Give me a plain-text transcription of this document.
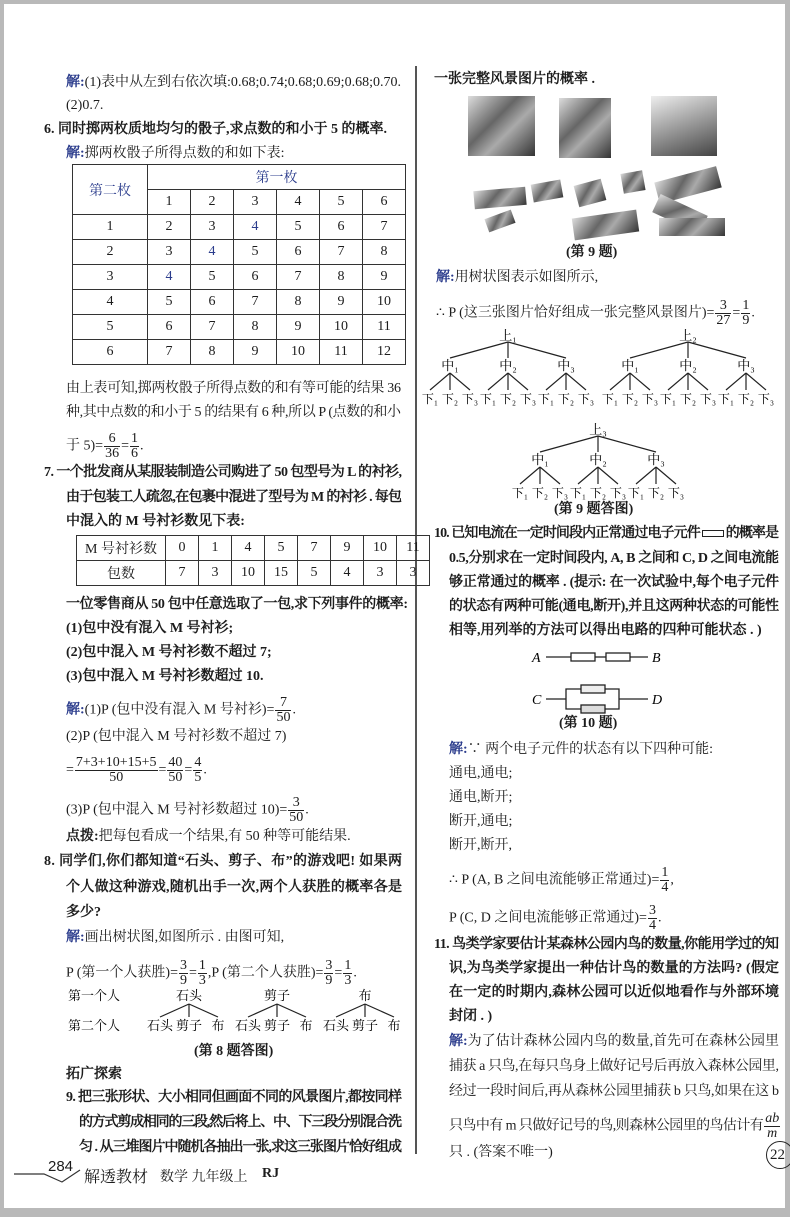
解:(1)表中从左到右依次填:0.68;0.74;0.68;0.69;0.68;0.70.
(2)0.7.
6. 同时掷两枚质地均匀的骰子,求点数的和小于 5 的概率.
解:掷两枚骰子所得点数的和如下表:
第二枚	第一枚					
	1	2	3	4	5	6
1	2	3	4	5	6	7
2	3	4	5	6	7	8
3	4	5	6	7	8	9
4	5	6	7	8	9	10
5	6	7	8	9	10	11
6	7	8	9	10	11	12
由上表可知,掷两枚骰子所得点数的和有等可能的结果 36
种,其中点数的和小于 5 的结果有 6 种,所以 P (点数的和小
于 $5)= \frac{6}{36} = \frac{1}{6}$ .
7. 一个批发商从某服装制造公司购进了 50 包型号为 L 的衬衫,
由于包装工人疏忽,在包裹中混进了型号为 M 的衬衫 . 每包
中混入的 M 号衬衫数见下表:
M 号衬衫数	0	1	4	5	7	9	10	11
包数	7	3	10	15	5	4	3	3
一位零售商从 50 包中任意选取了一包,求下列事件的概率:
(1)包中没有混入 M 号衬衫;
(2)包中混入 M 号衬衫数不超过 7;
(3)包中混入 M 号衬衫数超过 10.
解:(1)P (包中没有混入 M 号衬衫)= $\frac{7}{50}$ .
(2)P (包中混入 M 号衬衫数不超过 7)
= $\frac{7+3+10+15+5}{50} = \frac{40}{50} = \frac{4}{5}$ .
(3)P (包中混入 M 号衬衫数超过 $10)= \frac{3}{50}$ .
点拨:把每包看成一个结果,有 50 种等可能结果.
8. 同学们,你们都知道“石头、剪子、布”的游戏吧! 如果两
个人做这种游戏,随机出手一次,两个人获胜的概率各是
多少?
解:画出树状图,如图所示 . 由图可知,
P (第一个人获胜)= $\frac{3}{9} = \frac{1}{3} ,P$ (第二个人获胜)= $\frac{3}{9} = \frac{1}{3}$ .
第一个人
第二个人
石头
石头 剪子 布
剪子
石头 剪子 布
布
石头 剪子 布
(第 8 题答图)
拓广探索
9. 把三张形状、大小相同但画面不同的风景图片,都按同样
的方式剪成相同的三段,然后将上、中、下三段分别混合洗
匀 . 从三堆图片中随机各抽出一张,求这三张图片恰好组成
一张完整风景图片的概率 .
(第 9 题)
解:用树状图表示如图所示,
∴ P (这三张图片恰好组成一张完整风景图片)= $\frac{3}{27} = \frac{1}{9}$ .
上₁
中₁
下₁ 下₂ 下₃
中₂
下₁ 下₂ 下₃
中₃
下₁ 下₂ 下₃
上₂
中₁
下₁ 下₂ 下₃
中₂
下₁ 下₂ 下₃
中₃
下₁ 下₂ 下₃
上₃
中₁
下₁ 下₂ 下₃
中₂
下₁ 下₂ 下₃
中₃
下₁ 下₂ 下₃
(第 9 题答图)
10. 已知电流在一定时间段内正常通过电子元件 的概率是
0.5,分别求在一定时间段内, A, B 之间和 C, D 之间电流能
够正常通过的概率 . (提示: 在一次试验中,每个电子元件
的状态有两种可能(通电,断开),并且这两种状态的可能性
相等,用列举的方法可以得出电路的四种可能状态 . )
A	B
C	D
(第 10 题)
解:∵ 两个电子元件的状态有以下四种可能:
通电,通电;
通电,断开;
断开,通电;
断开,断开,
∴ P (A, B 之间电流能够正常通过)= $\frac{1}{4}$ ,
P (C, D 之间电流能够正常通过)= $\frac{3}{4}$ .
11. 鸟类学家要估计某森林公园内鸟的数量,你能用学过的知
识,为鸟类学家提出一种估计鸟的数量的方法吗? (假定
在一定的时期内,森林公园可以近似地看作与外部环境
封闭 . )
解:为了估计森林公园内鸟的数量,首先可在森林公园里
捕获 a 只鸟,在每只鸟身上做好记号后再放入森林公园里,
经过一段时间后,再从森林公园里捕获 b 只鸟,如果在这 b
只鸟中有 m 只做好记号的鸟,则森林公园里的鸟估计有 $\frac{ab}{m}$
只 . (答案不唯一)	22
284
解透教材 数学 九年级上 RJ
